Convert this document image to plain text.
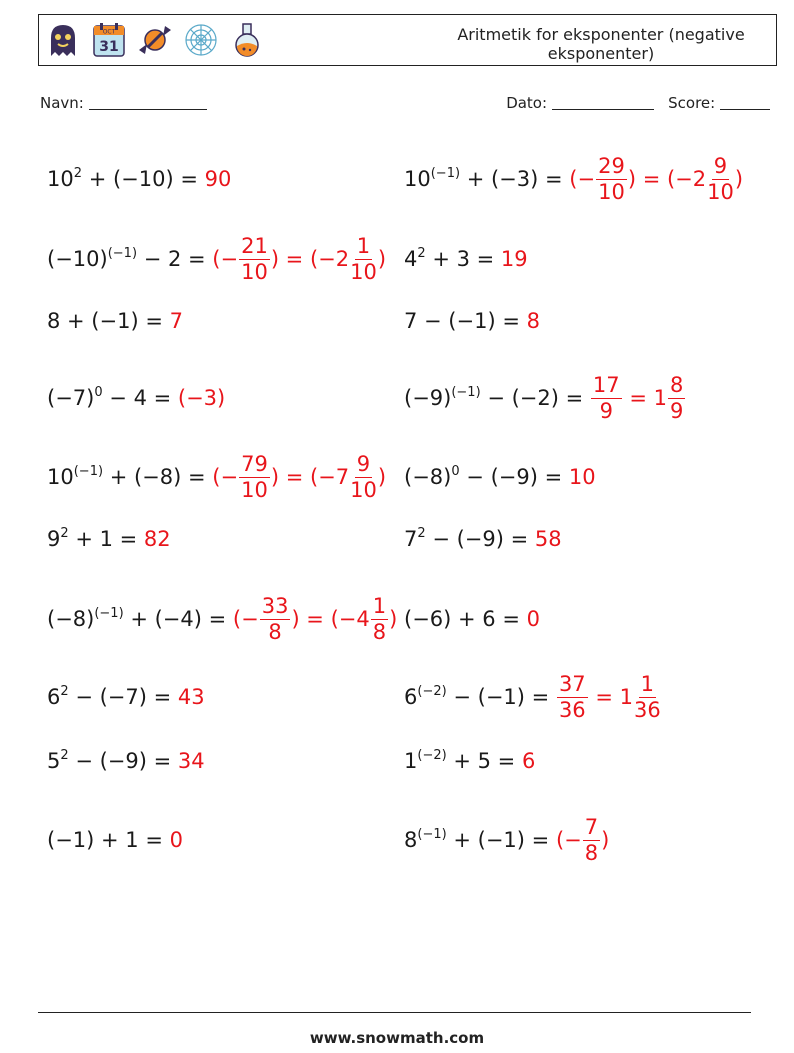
OCT
31
Aritmetik for eksponenter (negative eksponenter)
Navn:	Dato:	Score:
$10^2 + (-10) = 90$	$10^{(-1)} + (-3)$ = (− $\frac{29}{10}$ ) = ($-2 \frac{9}{10}$ )
$(-10)^{(-1)} - 2$ = (− $\frac{21}{10}$ ) = ($-2 \frac{1}{10}$ ) $4^2 + 3 = 19$
8 + (−1) = 7	7 − (−1) = 8
$(-7)^0 - 4 = (-3)$	$(-9)^{(-1)} - (-2) = \frac{17}{9} = 1 \frac{8}{9}$
$10^{(-1)} + (-8)$ = (− $\frac{79}{10}$ ) = ($-7 \frac{9}{10}$ ) $(-8)^0 - (-9) = 10$
$9^2 + 1 = 82$	$7^2 - (-9) = 58$
$(-8)^{(-1)} + (-4)$ = (− $\frac{33}{8}$ ) = ($-4 \frac{1}{8}$ ) (−6) + 6 = 0
$6^2 - (-7) = 43$	$6^{(-2)} - (-1) = \frac{37}{36} = 1 \frac{1}{36}$
$5^2 - (-9) = 34$	$1^{(-2)} + 5 = 6$
(−1) + 1 = 0	$8^{(-1)} + (-1)$ = (− $\frac{7}{8}$ )
www.snowmath.com
